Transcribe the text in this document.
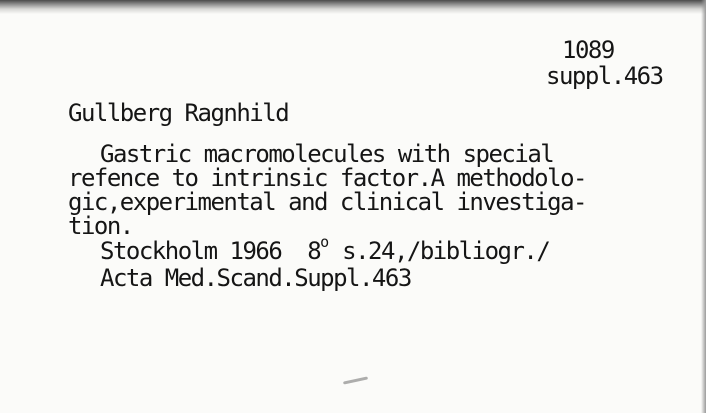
1089
suppl.463
Gullberg Ragnhild
Gastric macromolecules with special
refence to intrinsic factor.A methodolo-
gic,experimental and clinical investiga-
tion.
Stockholm 1966 8$^o$ s.24,/bibliogr./
Acta Med.Scand.Suppl.463
